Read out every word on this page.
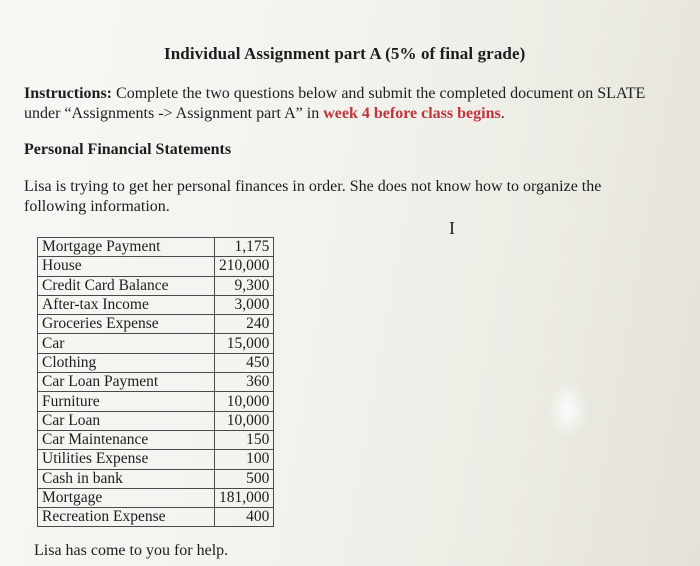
Individual Assignment part A (5% of final grade)
Instructions: Complete the two questions below and submit the completed document on SLATE under “Assignments -> Assignment part A” in week 4 before class begins.
Personal Financial Statements
Lisa is trying to get her personal finances in order. She does not know how to organize the following information.
I
Mortgage Payment	1,175
House	210,000
Credit Card Balance	9,300
After-tax Income	3,000
Groceries Expense	240
Car	15,000
Clothing	450
Car Loan Payment	360
Furniture	10,000
Car Loan	10,000
Car Maintenance	150
Utilities Expense	100
Cash in bank	500
Mortgage	181,000
Recreation Expense	400
Lisa has come to you for help.
